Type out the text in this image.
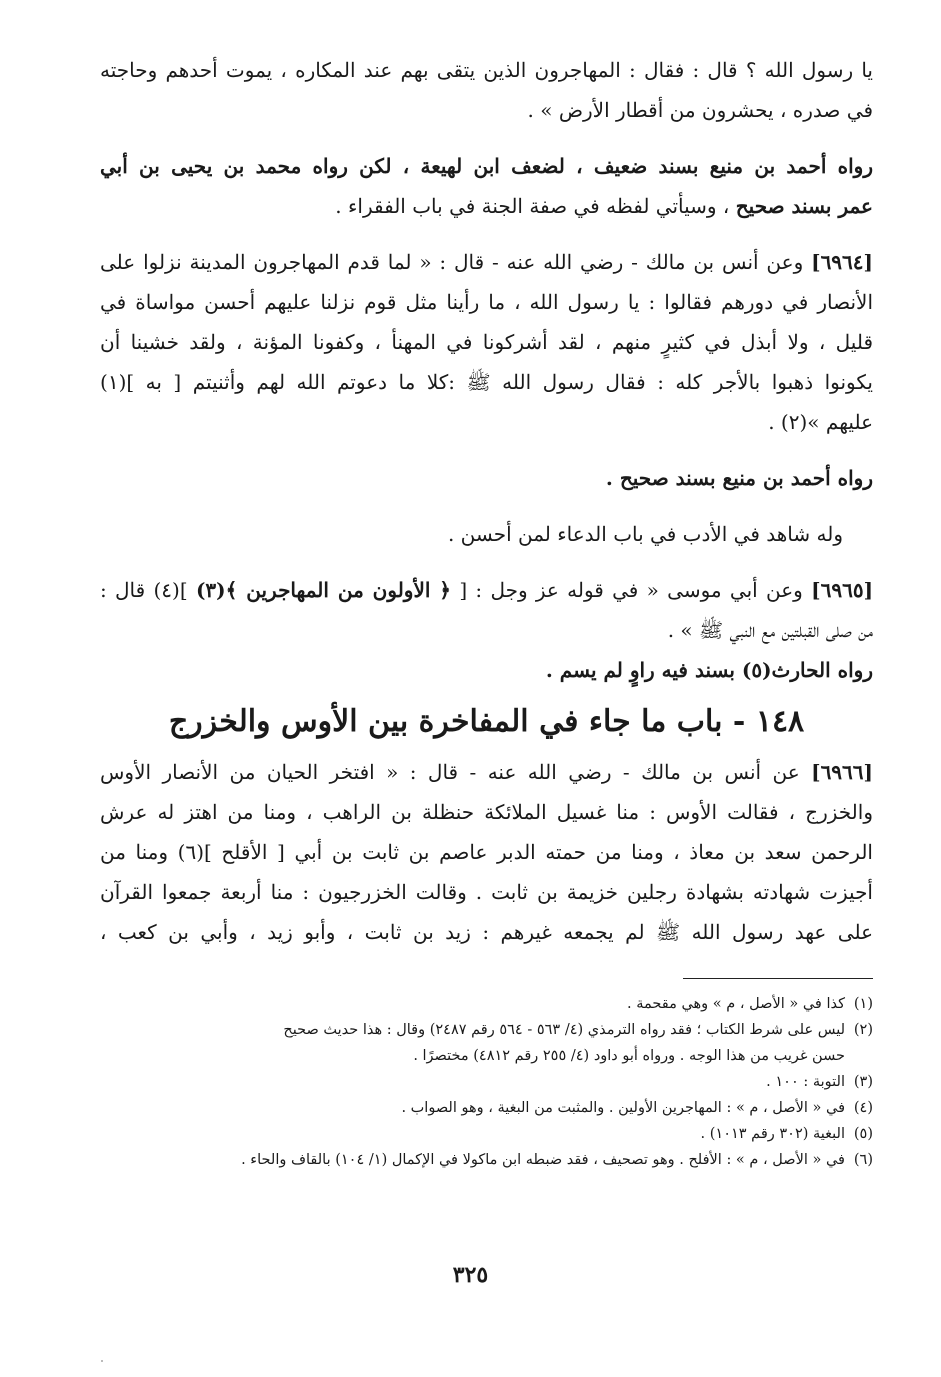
يا رسول الله ؟ قال : فقال : المهاجرون الذين يتقى بهم عند المكاره ، يموت أحدهم وحاجته
في صدره ، يحشرون من أقطار الأرض » .
رواه أحمد بن منيع بسند ضعيف ، لضعف ابن لهيعة ، لكن رواه محمد بن يحيى بن أبي
عمر بسند صحيح ، وسيأتي لفظه في صفة الجنة في باب الفقراء .
[٦٩٦٤] وعن أنس بن مالك - رضي الله عنه - قال : « لما قدم المهاجرون المدينة نزلوا على
الأنصار في دورهم فقالوا : يا رسول الله ، ما رأينا مثل قوم نزلنا عليهم أحسن مواساة في
قليل ، ولا أبذل في كثيرٍ منهم ، لقد أشركونا في المهنأ ، وكفونا المؤنة ، ولقد خشينا أن
يكونوا ذهبوا بالأجر كله : فقال رسول الله ﷺ :كلا ما دعوتم الله لهم وأثنيتم [ به ](١)
عليهم »(٢) .
رواه أحمد بن منيع بسند صحيح .
وله شاهد في الأدب في باب الدعاء لمن أحسن .
[٦٩٦٥] وعن أبي موسى « في قوله عز وجل : [ ﴿ الأولون من المهاجرين ﴾(٣) ](٤) قال :
من صلى القبلتين مع النبي ﷺ » .
رواه الحارث(٥) بسند فيه راوٍ لم يسم .
١٤٨ - باب ما جاء في المفاخرة بين الأوس والخزرج
[٦٩٦٦] عن أنس بن مالك - رضي الله عنه - قال : « افتخر الحيان من الأنصار الأوس
والخزرج ، فقالت الأوس : منا غسيل الملائكة حنظلة بن الراهب ، ومنا من اهتز له عرش
الرحمن سعد بن معاذ ، ومنا من حمته الدبر عاصم بن ثابت بن أبي [ الأقلح ](٦) ومنا من
أجيزت شهادته بشهادة رجلين خزيمة بن ثابت . وقالت الخزرجيون : منا أربعة جمعوا القرآن
على عهد رسول الله ﷺ لم يجمعه غيرهم : زيد بن ثابت ، وأبو زيد ، وأبي بن كعب ،
(١)كذا في « الأصل ، م » وهي مقحمة .
(٢)ليس على شرط الكتاب ؛ فقد رواه الترمذي (٤/ ٥٦٣ - ٥٦٤ رقم ٢٤٨٧) وقال : هذا حديث صحيح
حسن غريب من هذا الوجه . ورواه أبو داود (٤/ ٢٥٥ رقم ٤٨١٢) مختصرًا .
(٣)التوبة : ١٠٠ .
(٤)في « الأصل ، م » : المهاجرين الأولين . والمثبت من البغية ، وهو الصواب .
(٥)البغية (٣٠٢ رقم ١٠١٣) .
(٦)في « الأصل ، م » : الأفلح . وهو تصحيف ، فقد ضبطه ابن ماكولا في الإكمال (١/ ١٠٤) بالقاف والحاء .
٣٢٥
